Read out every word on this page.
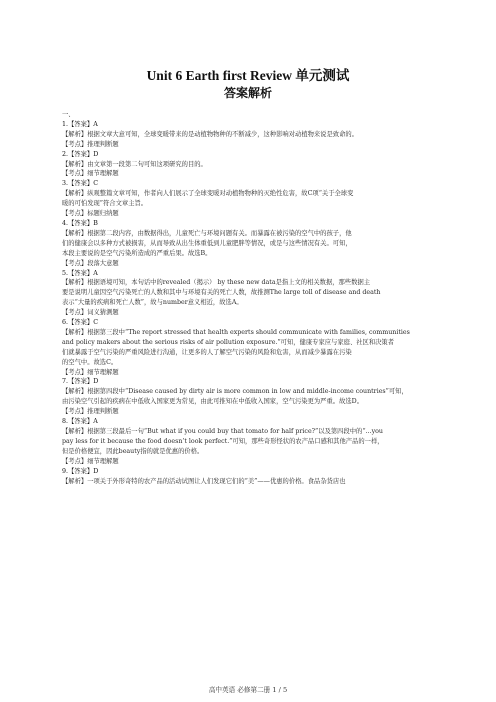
Unit 6 Earth first Review 单元测试
答案解析
一、
1.【答案】A
【解析】根据文章大意可知，全球变暖带来的是动植物物种的不断减少，这种影响对动植物来说是致命的。
【考点】推理判断题
2.【答案】D
【解析】由文章第一段第二句可知这项研究的目的。
【考点】细节理解题
3.【答案】C
【解析】纵观整篇文章可知，作者向人们展示了全球变暖对动植物物种的灭绝性危害，故C项“关于全球变
暖的可怕发现”符合文章主旨。
【考点】标题归纳题
4.【答案】B
【解析】根据第二段内容，由数据得出，儿童死亡与环境问题有关。而暴露在被污染的空气中的孩子，他
们的健康会以多种方式被损害，从而导致从出生体重低到儿童肥胖等情况，或是与这些情况有关。可知，
本段主要说的是空气污染所造成的严重后果。故选B。
【考点】段落大意题
5.【答案】A
【解析】根据语境可知，本句话中的revealed（揭示） by these new data是指上文的相关数据，那些数据主
要是说明儿童因空气污染死亡的人数和其中与环境有关的死亡人数，故推测The large toll of disease and death
表示“大量的疾病和死亡人数”，故与number意义相近，故选A。
【考点】词义猜测题
6.【答案】C
【解析】根据第三段中“The report stressed that health experts should communicate with families, communities
and policy makers about the serious risks of air pollution exposure.”可知，健康专家应与家庭、社区和决策者
们就暴露于空气污染的严重风险进行沟通，让更多的人了解空气污染的风险和危害，从而减少暴露在污染
的空气中。故选C。
【考点】细节理解题
7.【答案】D
【解析】根据第四段中“Disease caused by dirty air is more common in low and middle-income countries”可知，
由污染空气引起的疾病在中低收入国家更为常见，由此可推知在中低收入国家，空气污染更为严重。故选D。
【考点】推理判断题
8.【答案】A
【解析】根据第三段最后一句“But what if you could buy that tomato for half price?”以及第四段中的“...you
pay less for it because the food doesn’t look perfect.”可知，那些奇形怪状的农产品口感和其他产品的一样，
但是价格便宜，因此beauty指的就是优惠的价格。
【考点】细节理解题
9.【答案】D
【解析】一项关于外形奇特的农产品的活动试图让人们发现它们的“美”——优惠的价格。食品杂货店也
高中英语 必修第二册 1 / 5
